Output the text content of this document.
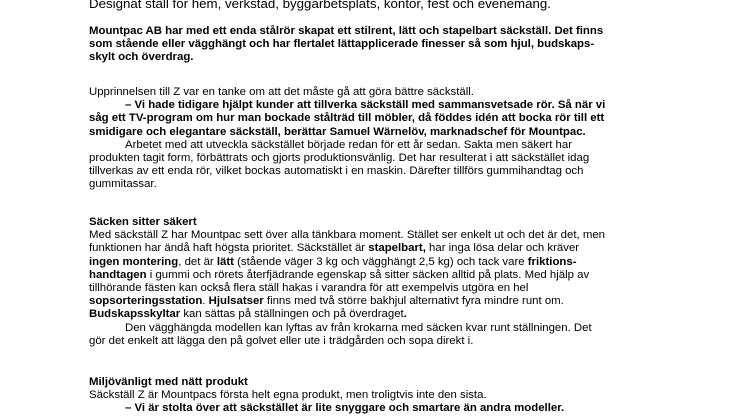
Designat ställ för hem, verkstad, byggarbetsplats, kontor, fest och evenemang.
Mountpac AB har med ett enda stålrör skapat ett stilrent, lätt och stapelbart säckställ. Det finns
som stående eller vägghängt och har flertalet lättapplicerade finesser så som hjul, budskaps-
skylt och överdrag.
Upprinnelsen till Z var en tanke om att det måste gå att göra bättre säckställ.
– Vi hade tidigare hjälpt kunder att tillverka säckställ med sammansvetsade rör. Så när vi
såg ett TV-program om hur man bockade stålträd till möbler, då föddes idén att bocka rör till ett
smidigare och elegantare säckställ, berättar Samuel Wärnelöv, marknadschef för Mountpac.
Arbetet med att utveckla säckstället började redan för ett år sedan. Sakta men säkert har
produkten tagit form, förbättrats och gjorts produktionsvänlig. Det har resulterat i att säckstället idag
tillverkas av ett enda rör, vilket bockas automatiskt i en maskin. Därefter tillförs gummihandtag och
gummitassar.
Säcken sitter säkert
Med säckställ Z har Mountpac sett över alla tänkbara moment. Stället ser enkelt ut och det är det, men
funktionen har ändå haft högsta prioritet. Säckstället är stapelbart, har inga lösa delar och kräver
ingen montering, det är lätt (stående väger 3 kg och vägghängt 2,5 kg) och tack vare friktions-
handtagen i gummi och rörets återfjädrande egenskap så sitter säcken alltid på plats. Med hjälp av
tillhörande fästen kan också flera ställ hakas i varandra för att exempelvis utgöra en hel
sopsorteringsstation. Hjulsatser finns med två större bakhjul alternativt fyra mindre runt om.
Budskapsskyltar kan sättas på ställningen och på överdraget.
Den vägghängda modellen kan lyftas av från krokarna med säcken kvar runt ställningen. Det
gör det enkelt att lägga den på golvet eller ute i trädgården och sopa direkt i.
Miljövänligt med nätt produkt
Säckställ Z är Mountpacs första helt egna produkt, men troligtvis inte den sista.
– Vi är stolta över att säckstället är lite snyggare och smartare än andra modeller.
